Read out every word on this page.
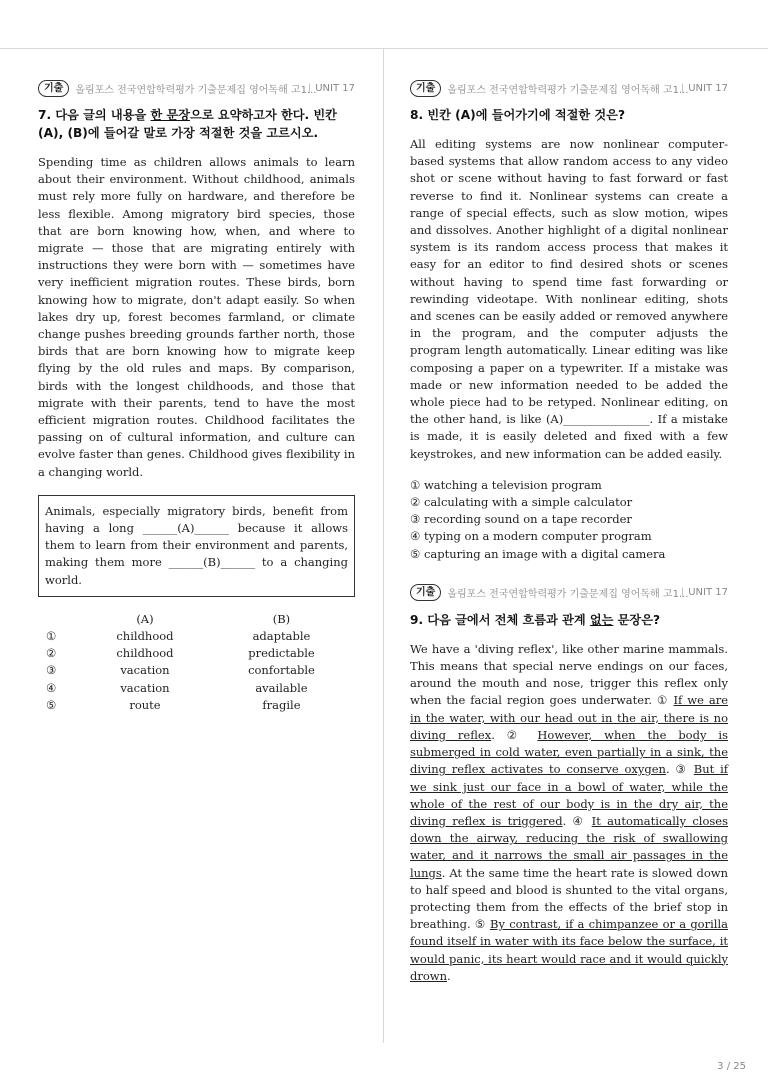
기출	올림포스 전국연합학력평가 기출문제집 영어독해 고1...
| UNIT 17
7. 다음 글의 내용을 한 문장으로 요약하고자 한다. 빈칸 (A), (B)에 들어갈 말로 가장 적절한 것을 고르시오.

Spending time as children allows animals to learn about their environment. Without childhood, animals must rely more fully on hardware, and therefore be less flexible. Among migratory bird species, those that are born knowing how, when, and where to migrate — those that are migrating entirely with instructions they were born with — sometimes have very inefficient migration routes. These birds, born knowing how to migrate, don't adapt easily. So when lakes dry up, forest becomes farmland, or climate change pushes breeding grounds farther north, those birds that are born knowing how to migrate keep flying by the old rules and maps. By comparison, birds with the longest childhoods, and those that migrate with their parents, tend to have the most efficient migration routes. Childhood facilitates the passing on of cultural information, and culture can evolve faster than genes. Childhood gives flexibility in a changing world.

Animals, especially migratory birds, benefit from having a long ______(A)______ because it allows them to learn from their environment and parents, making them more ______(B)______ to a changing world.
	(A)	(B)
①	childhood	adaptable
②	childhood	predictable
③	vacation	confortable
④	vacation	available
⑤	route	fragile
기출	올림포스 전국연합학력평가 기출문제집 영어독해 고1... | UNIT 17
8. 빈칸 (A)에 들어가기에 적절한 것은?

All editing systems are now nonlinear computer-based systems that allow random access to any video shot or scene without having to fast forward or fast reverse to find it. Nonlinear systems can create a range of special effects, such as slow motion, wipes and dissolves. Another highlight of a digital nonlinear system is its random access process that makes it easy for an editor to find desired shots or scenes without having to spend time fast forwarding or rewinding videotape. With nonlinear editing, shots and scenes can be easily added or removed anywhere in the program, and the computer adjusts the program length automatically. Linear editing was like composing a paper on a typewriter. If a mistake was made or new information needed to be added the whole piece had to be retyped. Nonlinear editing, on the other hand, is like (A)_______________. If a mistake is made, it is easily deleted and fixed with a few keystrokes, and new information can be added easily.

① watching a television program
② calculating with a simple calculator
③ recording sound on a tape recorder
④ typing on a modern computer program
⑤ capturing an image with a digital camera
기출	올림포스 전국연합학력평가 기출문제집 영어독해 고1... | UNIT 17
9. 다음 글에서 전체 흐름과 관계 없는 문장은?

We have a 'diving reflex', like other marine mammals. This means that special nerve endings on our faces, around the mouth and nose, trigger this reflex only when the facial region goes underwater. ① If we are in the water, with our head out in the air, there is no diving reflex. ② However, when the body is submerged in cold water, even partially in a sink, the diving reflex activates to conserve oxygen. ③ But if we sink just our face in a bowl of water, while the whole of the rest of our body is in the dry air, the diving reflex is triggered. ④ It automatically closes down the airway, reducing the risk of swallowing water, and it narrows the small air passages in the lungs. At the same time the heart rate is slowed down to half speed and blood is shunted to the vital organs, protecting them from the effects of the brief stop in breathing. ⑤ By contrast, if a chimpanzee or a gorilla found itself in water with its face below the surface, it would panic, its heart would race and it would quickly drown.

3 / 25
